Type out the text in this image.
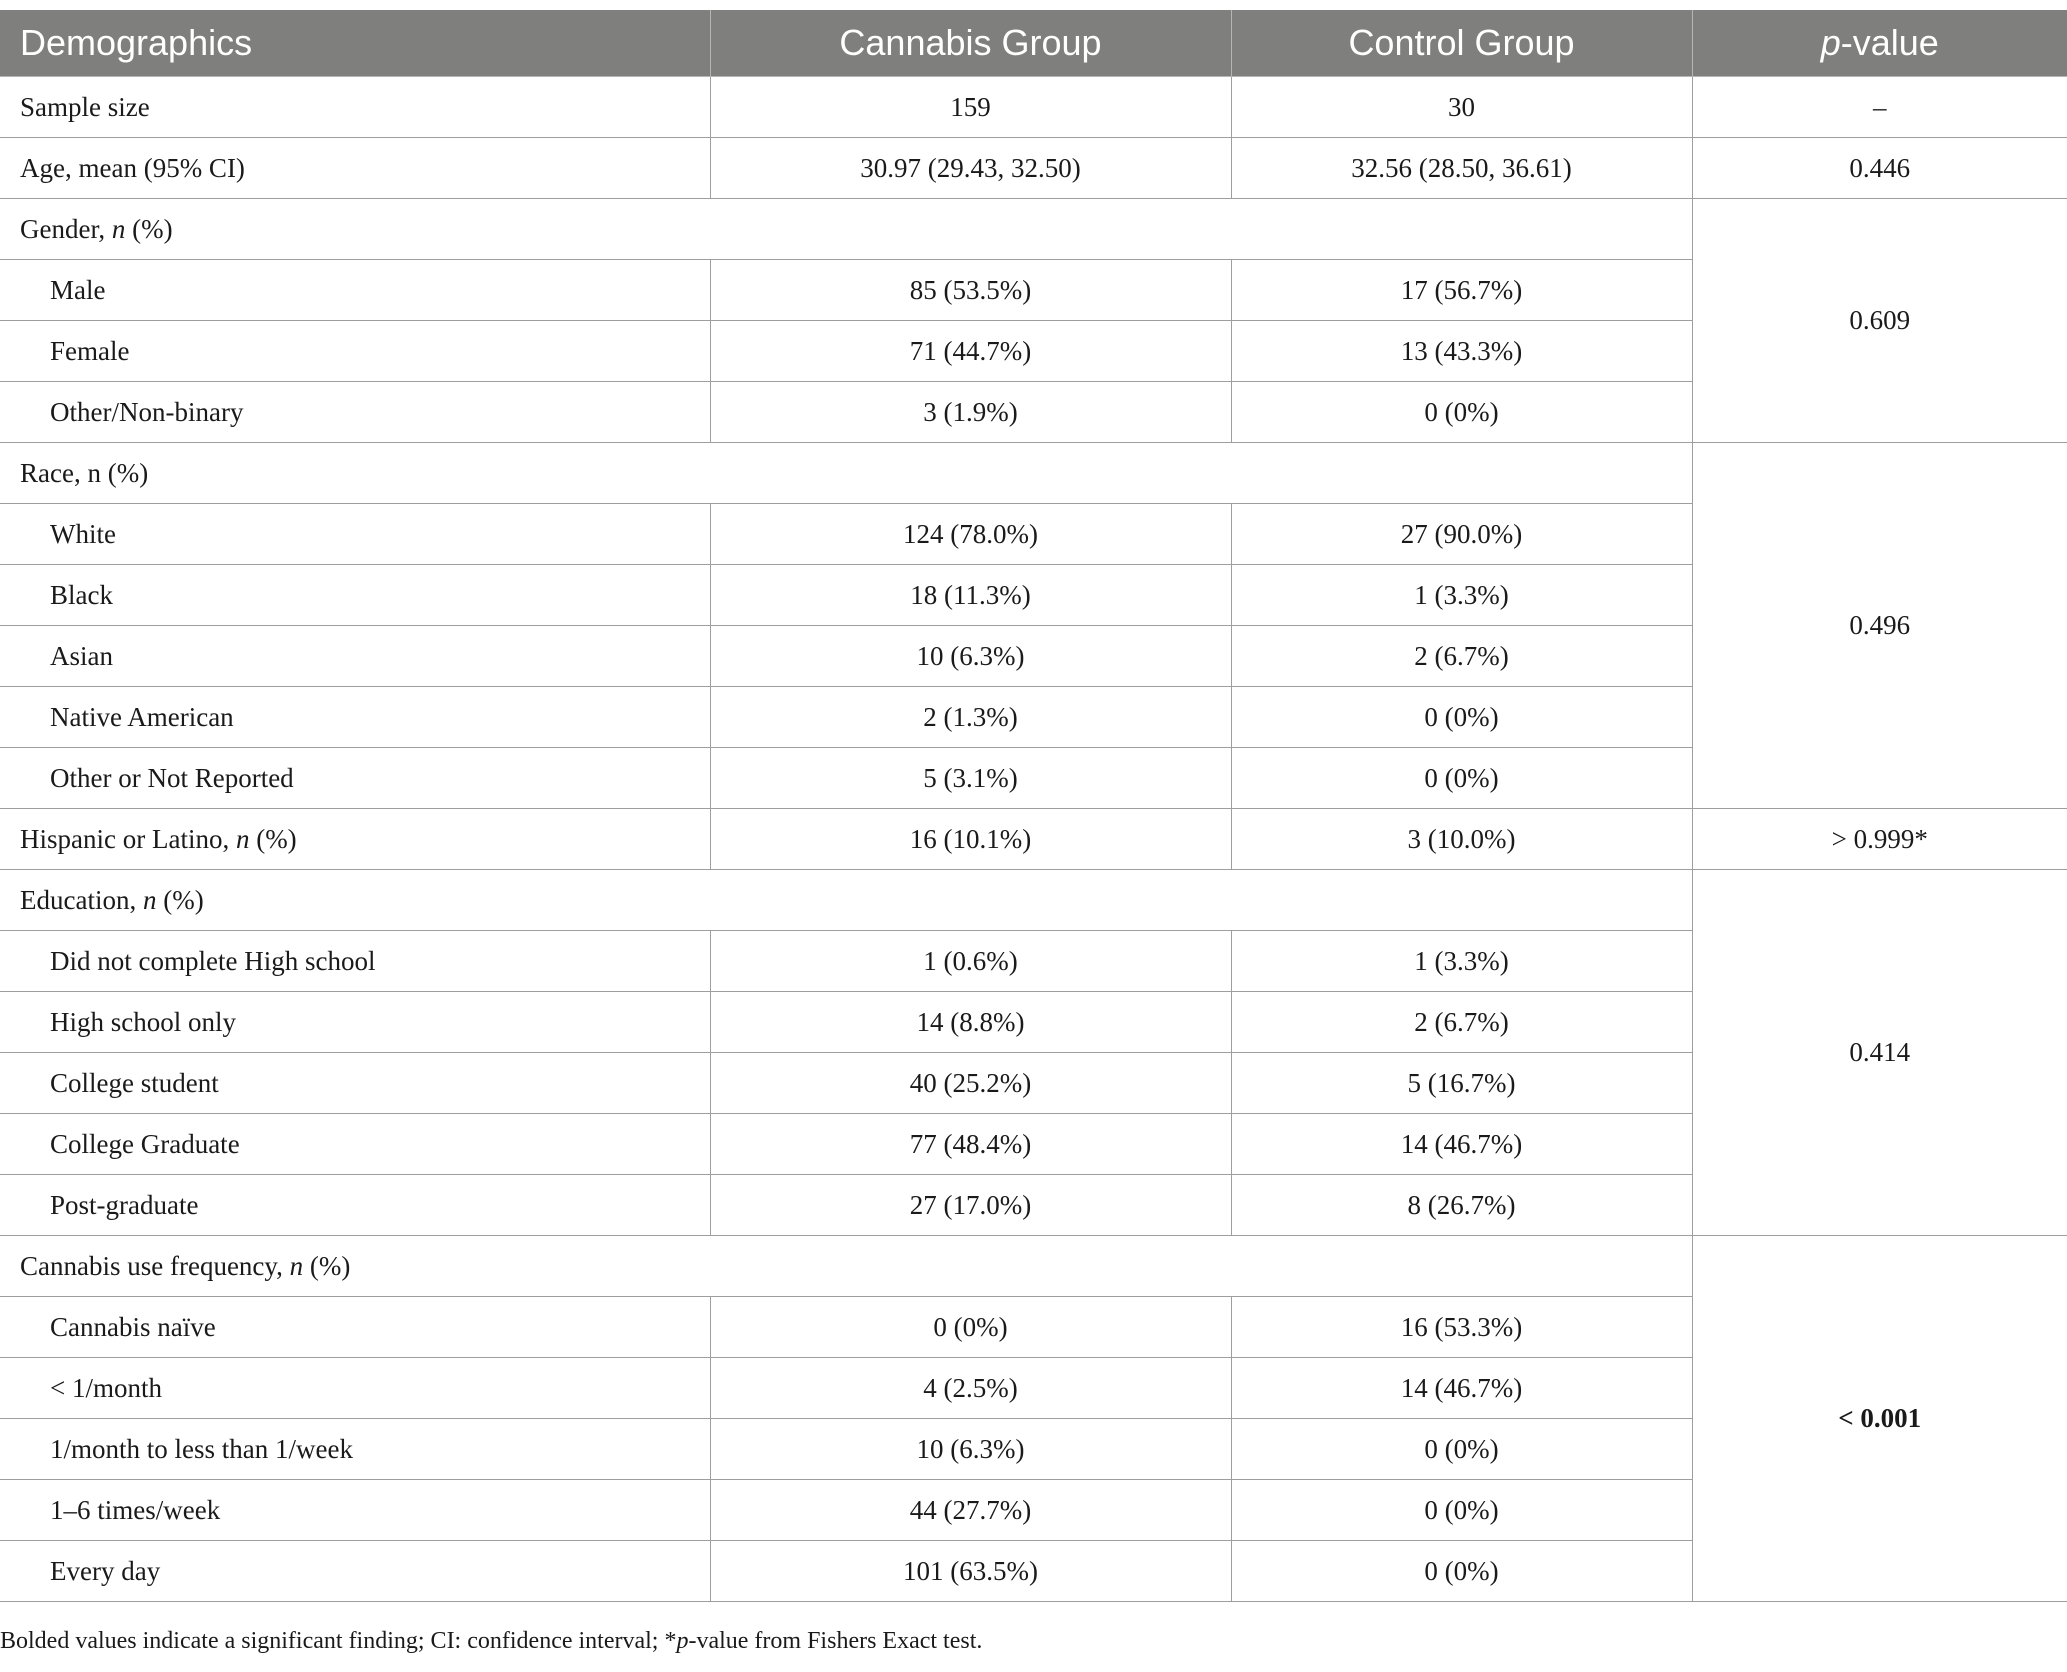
Demographics	Cannabis Group	Control Group	p-value
Sample size	159	30	–
Age, mean (95% CI)	30.97 (29.43, 32.50)	32.56 (28.50, 36.61)	0.446
Gender, n (%)			0.609
Male	85 (53.5%)	17 (56.7%)	
Female	71 (44.7%)	13 (43.3%)	
Other/Non-binary	3 (1.9%)	0 (0%)	
Race, n (%)			0.496
White	124 (78.0%)	27 (90.0%)	
Black	18 (11.3%)	1 (3.3%)	
Asian	10 (6.3%)	2 (6.7%)	
Native American	2 (1.3%)	0 (0%)	
Other or Not Reported	5 (3.1%)	0 (0%)	
Hispanic or Latino, n (%)	16 (10.1%)	3 (10.0%)	> 0.999*
Education, n (%)			0.414
Did not complete High school	1 (0.6%)	1 (3.3%)	
High school only	14 (8.8%)	2 (6.7%)	
College student	40 (25.2%)	5 (16.7%)	
College Graduate	77 (48.4%)	14 (46.7%)	
Post-graduate	27 (17.0%)	8 (26.7%)	
Cannabis use frequency, n (%)			< 0.001
Cannabis naïve	0 (0%)	16 (53.3%)	
< 1/month	4 (2.5%)	14 (46.7%)	
1/month to less than 1/week	10 (6.3%)	0 (0%)	
1–6 times/week	44 (27.7%)	0 (0%)	
Every day	101 (63.5%)	0 (0%)	
Bolded values indicate a significant finding; CI: confidence interval; *p-value from Fishers Exact test.
